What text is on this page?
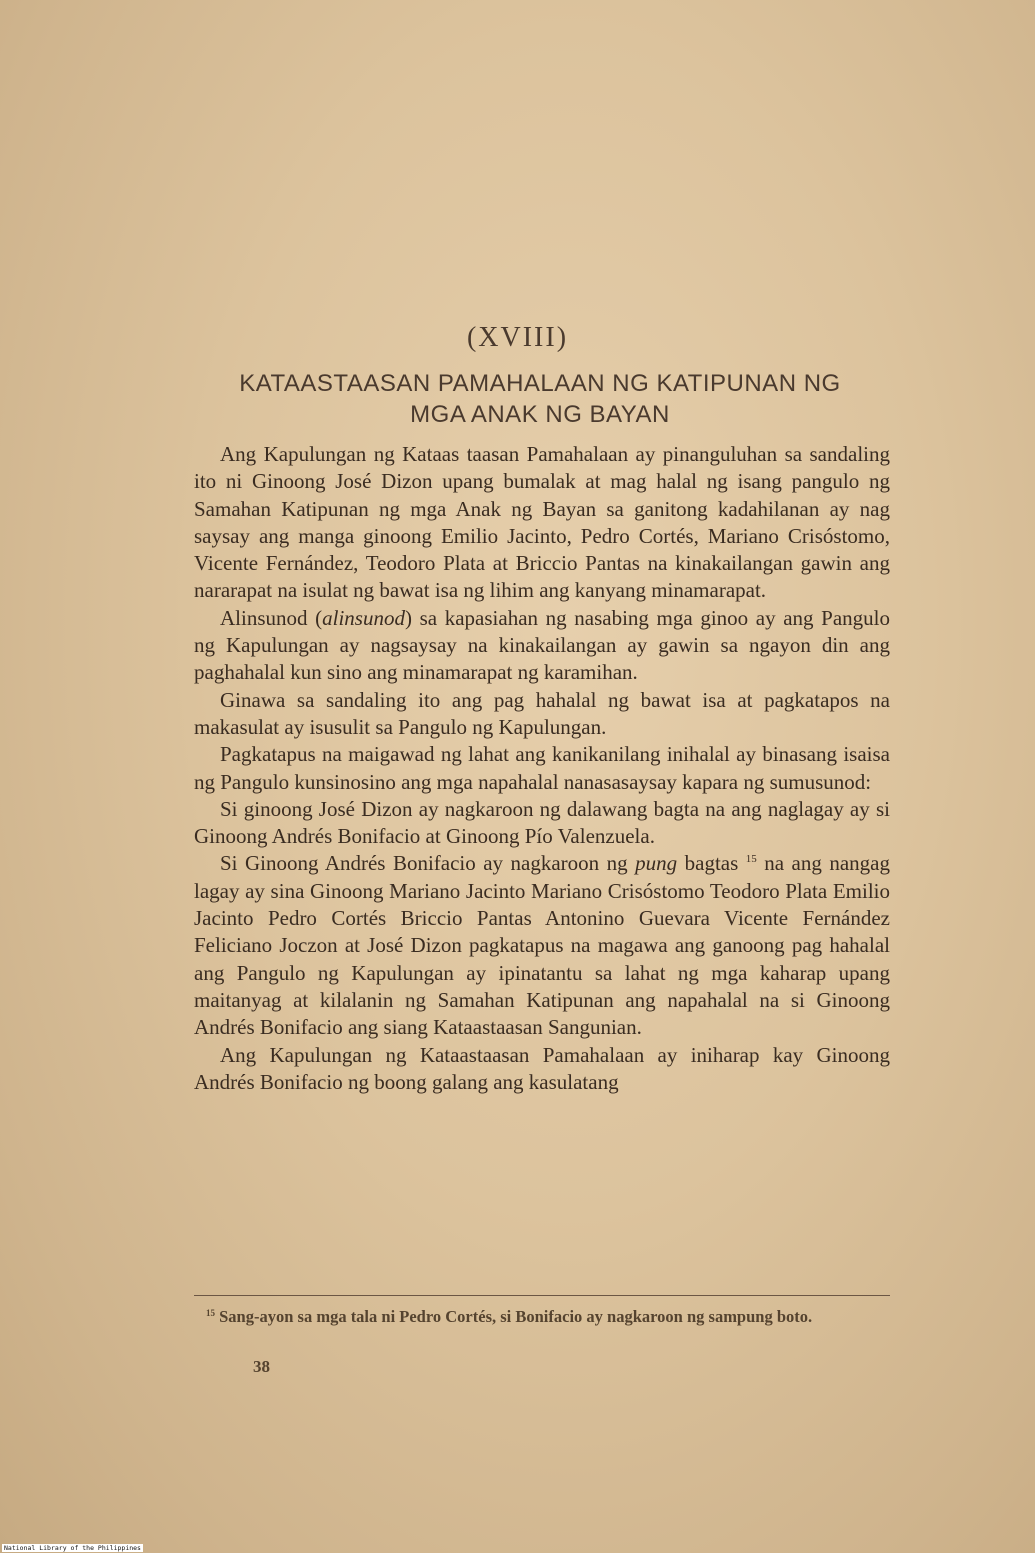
(XVIII)
KATAASTAASAN PAMAHALAAN NG KATIPUNAN NG
MGA ANAK NG BAYAN

Ang Kapulungan ng Kataas taasan Pamahalaan ay pinanguluhan sa sandaling ito ni Ginoong José Dizon upang bumalak at mag halal ng isang pangulo ng Samahan Katipunan ng mga Anak ng Bayan sa ganitong kadahilanan ay nag saysay ang manga ginoong Emilio Jacinto, Pedro Cortés, Mariano Crisóstomo, Vicente Fernández, Teodoro Plata at Briccio Pantas na kinakailangan gawin ang nararapat na isulat ng bawat isa ng lihim ang kanyang minamarapat.

Alinsunod (alinsunod) sa kapasiahan ng nasabing mga ginoo ay ang Pangulo ng Kapulungan ay nagsaysay na kinakailangan ay gawin sa ngayon din ang paghahalal kun sino ang minamarapat ng karamihan.

Ginawa sa sandaling ito ang pag hahalal ng bawat isa at pagkatapos na makasulat ay isusulit sa Pangulo ng Kapulungan.

Pagkatapus na maigawad ng lahat ang kanikanilang inihalal ay binasang isaisa ng Pangulo kunsinosino ang mga napahalal nanasasaysay kapara ng sumusunod:

Si ginoong José Dizon ay nagkaroon ng dalawang bagta na ang naglagay ay si Ginoong Andrés Bonifacio at Ginoong Pío Valenzuela.

Si Ginoong Andrés Bonifacio ay nagkaroon ng pung bagtas $^{15}$ na ang nangag lagay ay sina Ginoong Mariano Jacinto Mariano Crisóstomo Teodoro Plata Emilio Jacinto Pedro Cortés Briccio Pantas Antonino Guevara Vicente Fernández Feliciano Joczon at José Dizon pagkatapus na magawa ang ganoong pag hahalal ang Pangulo ng Kapulungan ay ipinatantu sa lahat ng mga kaharap upang maitanyag at kilalanin ng Samahan Katipunan ang napahalal na si Ginoong Andrés Bonifacio ang siang Kataastaasan Sangunian.

Ang Kapulungan ng Kataastaasan Pamahalaan ay iniharap kay Ginoong Andrés Bonifacio ng boong galang ang kasulatang

$^{15}$ Sang-ayon sa mga tala ni Pedro Cortés, si Bonifacio ay nagkaroon ng sampung boto.
38
National Library of the Philippines
